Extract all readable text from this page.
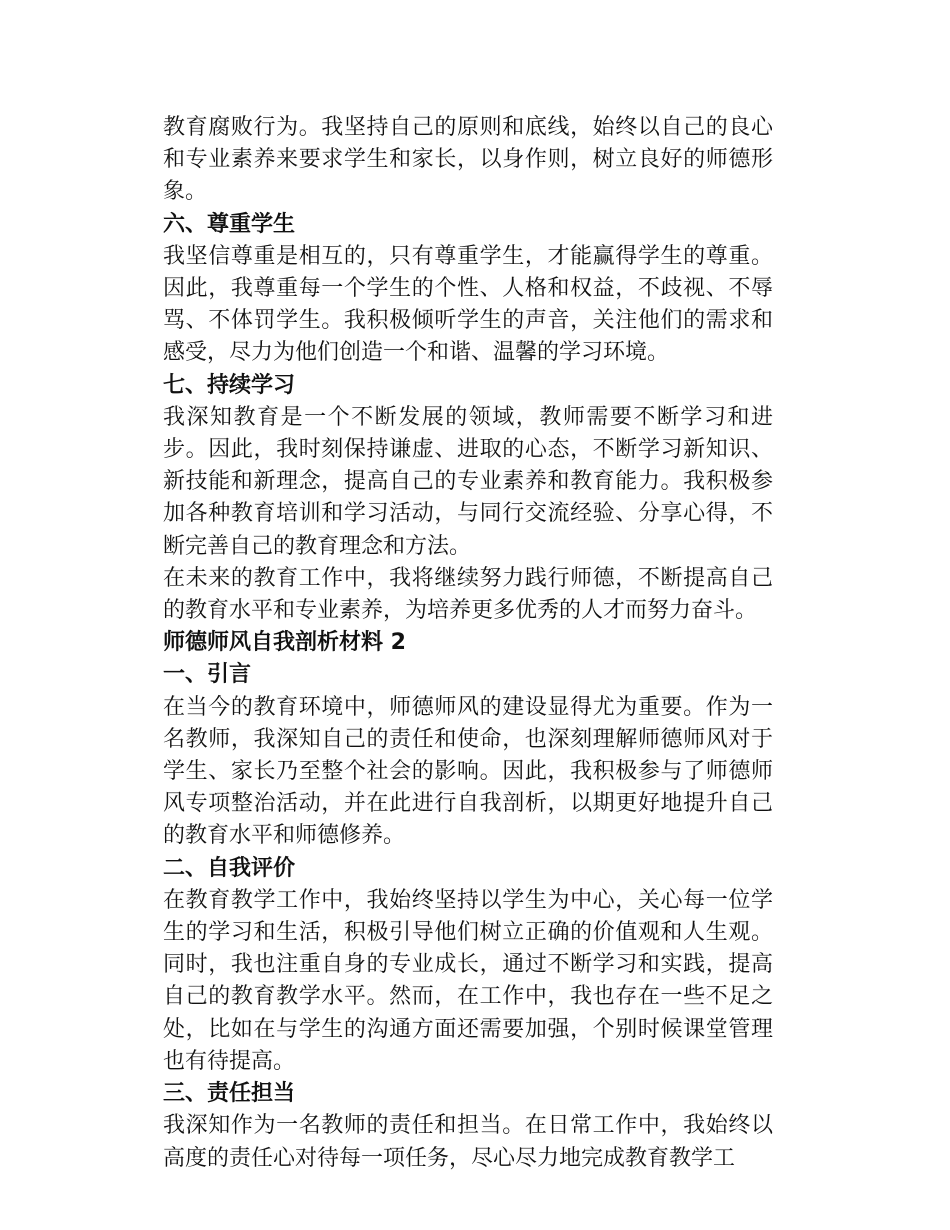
教育腐败行为。我坚持自己的原则和底线，始终以自己的良心和专业素养来要求学生和家长，以身作则，树立良好的师德形象。

六、尊重学生

我坚信尊重是相互的，只有尊重学生，才能赢得学生的尊重。因此，我尊重每一个学生的个性、人格和权益，不歧视、不辱骂、不体罚学生。我积极倾听学生的声音，关注他们的需求和感受，尽力为他们创造一个和谐、温馨的学习环境。

七、持续学习

我深知教育是一个不断发展的领域，教师需要不断学习和进步。因此，我时刻保持谦虚、进取的心态，不断学习新知识、新技能和新理念，提高自己的专业素养和教育能力。我积极参加各种教育培训和学习活动，与同行交流经验、分享心得，不断完善自己的教育理念和方法。

在未来的教育工作中，我将继续努力践行师德，不断提高自己的教育水平和专业素养，为培养更多优秀的人才而努力奋斗。

师德师风自我剖析材料 2

一、引言

在当今的教育环境中，师德师风的建设显得尤为重要。作为一名教师，我深知自己的责任和使命，也深刻理解师德师风对于学生、家长乃至整个社会的影响。因此，我积极参与了师德师风专项整治活动，并在此进行自我剖析，以期更好地提升自己的教育水平和师德修养。

二、自我评价

在教育教学工作中，我始终坚持以学生为中心，关心每一位学生的学习和生活，积极引导他们树立正确的价值观和人生观。同时，我也注重自身的专业成长，通过不断学习和实践，提高自己的教育教学水平。然而，在工作中，我也存在一些不足之处，比如在与学生的沟通方面还需要加强，个别时候课堂管理也有待提高。

三、责任担当

我深知作为一名教师的责任和担当。在日常工作中，我始终以高度的责任心对待每一项任务，尽心尽力地完成教育教学工
